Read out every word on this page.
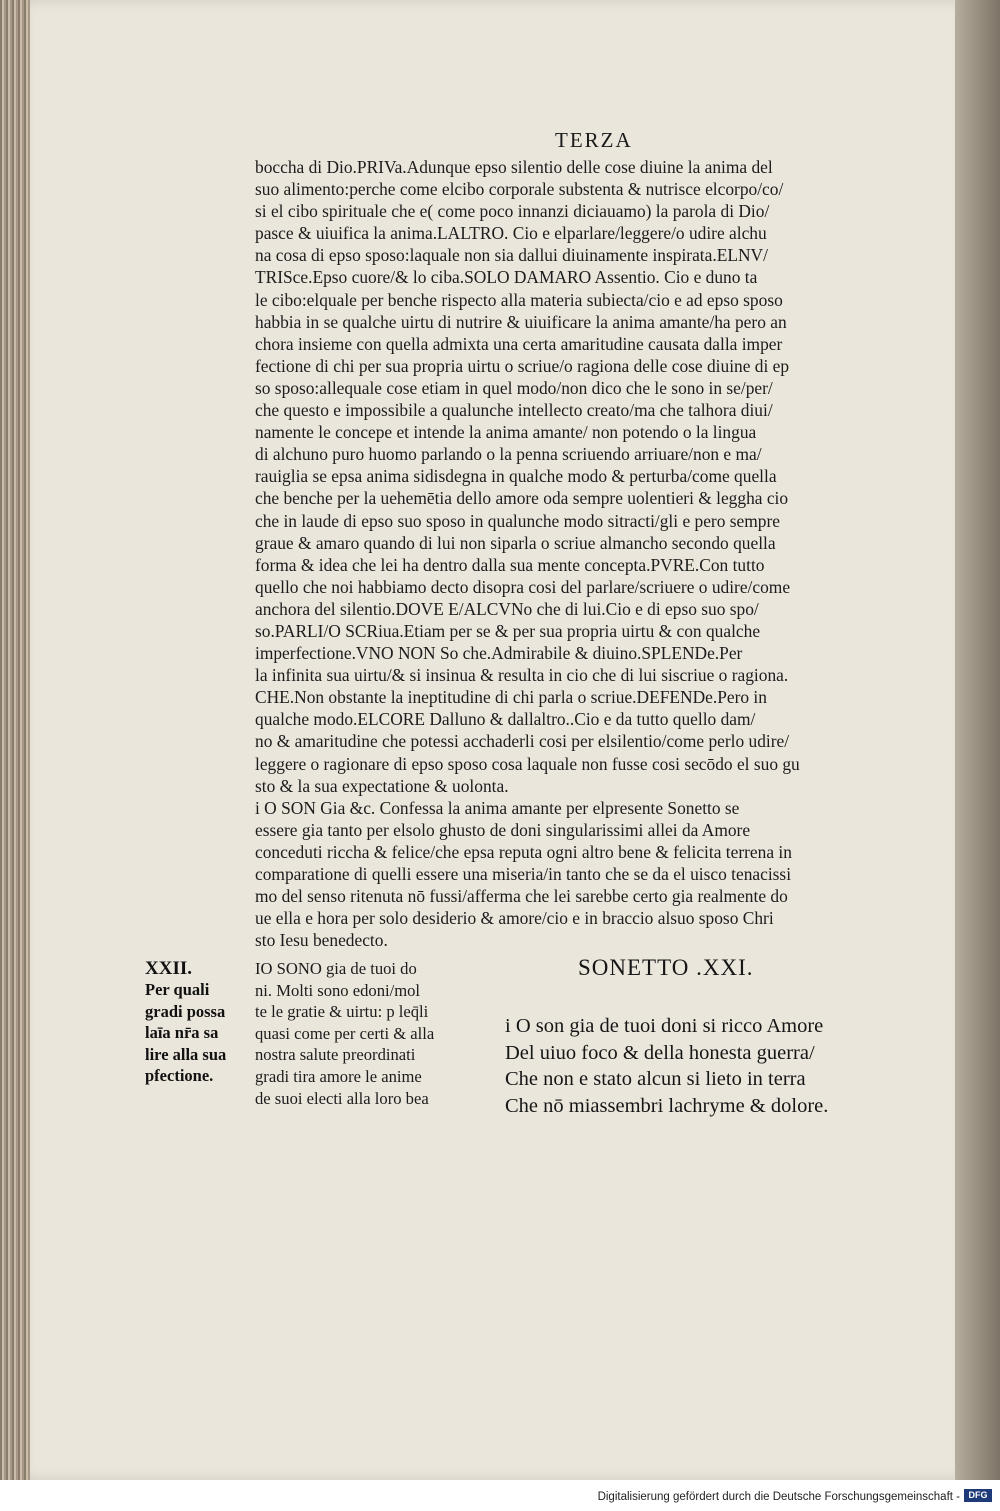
TERZA
boccha di Dio.PRIVa.Adunque epso silentio delle cose diuine la anima del
suo alimento:perche come elcibo corporale substenta & nutrisce elcorpo/co/
si el cibo spirituale che e( come poco innanzi diciauamo) la parola di Dio/
pasce & uiuifica la anima.LALTRO. Cio e elparlare/leggere/o udire alchu
na cosa di epso sposo:laquale non sia dallui diuinamente inspirata.ELNV/
TRISce.Epso cuore/& lo ciba.SOLO DAMARO Assentio. Cio e duno ta
le cibo:elquale per benche rispecto alla materia subiecta/cio e ad epso sposo
habbia in se qualche uirtu di nutrire & uiuificare la anima amante/ha pero an
chora insieme con quella admixta una certa amaritudine causata dalla imper
fectione di chi per sua propria uirtu o scriue/o ragiona delle cose diuine di ep
so sposo:allequale cose etiam in quel modo/non dico che le sono in se/per/
che questo e impossibile a qualunche intellecto creato/ma che talhora diui/
namente le concepe et intende la anima amante/ non potendo o la lingua
di alchuno puro huomo parlando o la penna scriuendo arriuare/non e ma/
rauiglia se epsa anima sidisdegna in qualche modo & perturba/come quella
che benche per la uehemētia dello amore oda sempre uolentieri & leggha cio
che in laude di epso suo sposo in qualunche modo sitracti/gli e pero sempre
graue & amaro quando di lui non siparla o scriue almancho secondo quella
forma & idea che lei ha dentro dalla sua mente concepta.PVRE.Con tutto
quello che noi habbiamo decto disopra cosi del parlare/scriuere o udire/come
anchora del silentio.DOVE E/ALCVNo che di lui.Cio e di epso suo spo/
so.PARLI/O SCRiua.Etiam per se & per sua propria uirtu & con qualche
imperfectione.VNO NON So che.Admirabile & diuino.SPLENDe.Per
la infinita sua uirtu/& si insinua & resulta in cio che di lui siscriue o ragiona.
CHE.Non obstante la ineptitudine di chi parla o scriue.DEFENDe.Pero in
qualche modo.ELCORE Dalluno & dallaltro..Cio e da tutto quello dam/
no & amaritudine che potessi acchaderli cosi per elsilentio/come perlo udire/
leggere o ragionare di epso sposo cosa laquale non fusse cosi secōdo el suo gu
sto & la sua expectatione & uolonta.
i O SON Gia &c. Confessa la anima amante per elpresente Sonetto se
essere gia tanto per elsolo ghusto de doni singularissimi allei da Amore
conceduti riccha & felice/che epsa reputa ogni altro bene & felicita terrena in
comparatione di quelli essere una miseria/in tanto che se da el uisco tenacissi
mo del senso ritenuta nō fussi/afferma che lei sarebbe certo gia realmente do
ue ella e hora per solo desiderio & amore/cio e in braccio alsuo sposo Chri
sto Iesu benedecto.
XXII.
Per quali
gradi possa
laīa nr̄a sa
lire alla sua
pfectione.
IO SONO gia de tuoi do
ni. Molti sono edoni/mol
te le gratie & uirtu: p leq̄li
quasi come per certi & alla
nostra salute preordinati
gradi tira amore le anime
de suoi electi alla loro bea
SONETTO .XXI.
i O son gia de tuoi doni si ricco Amore
Del uiuo foco & della honesta guerra/
Che non e stato alcun si lieto in terra
Che nō miassembri lachryme & dolore.
Digitalisierung gefördert durch die Deutsche Forschungsgemeinschaft - DFG
